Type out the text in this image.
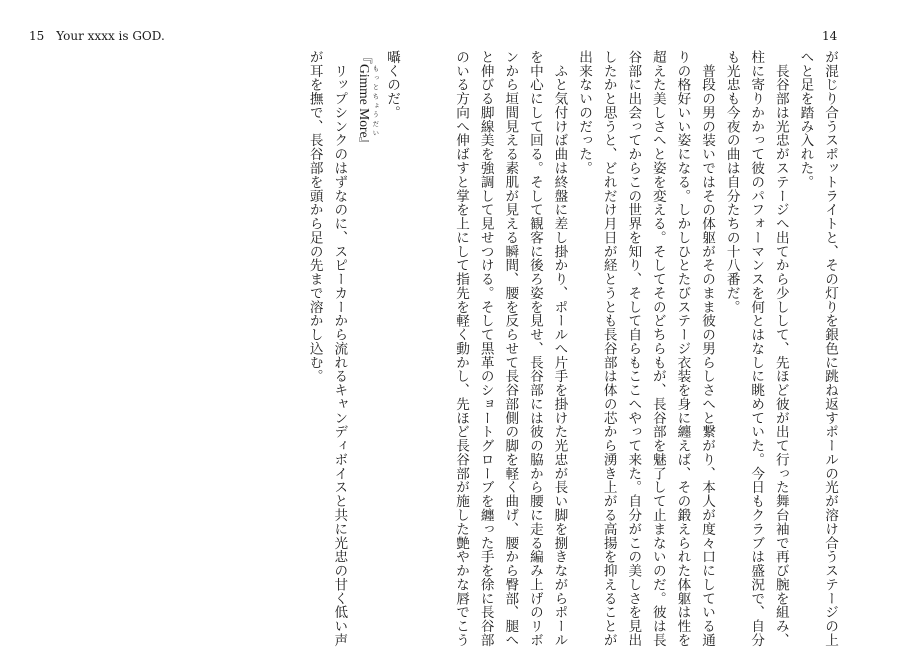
15　Your xxxx is GOD.	14
が混じり合うスポットライトと、その灯りを銀色に跳ね返すポールの光が溶け合うステージの上
へと足を踏み入れた。
　長谷部は光忠がステージへ出てから少しして、先ほど彼が出て行った舞台袖で再び腕を組み、
柱に寄りかかって彼のパフォーマンスを何とはなしに眺めていた。今日もクラブは盛況で、自分
も光忠も今夜の曲は自分たちの十八番だ。
　普段の男の装いではその体躯がそのまま彼の男らしさへと繋がり、本人が度々口にしている通
りの格好いい姿になる。しかしひとたびステージ衣装を身に纏えば、その鍛えられた体躯は性を
超えた美しさへと姿を変える。そしてそのどちらもが、長谷部を魅了して止まないのだ。彼は長
谷部に出会ってからこの世界を知り、そして自らもここへやって来た。自分がこの美しさを見出
したかと思うと、どれだけ月日が経とうとも長谷部は体の芯から湧き上がる高揚を抑えることが
出来ないのだった。
　ふと気付けば曲は終盤に差し掛かり、ポールへ片手を掛けた光忠が長い脚を捌きながらポール
を中心にして回る。そして観客に後ろ姿を見せ、長谷部には彼の脇から腰に走る編み上げのリボ
ンから垣間見える素肌が見える瞬間、腰を反らせて長谷部側の脚を軽く曲げ、腰から臀部、腿へ
と伸びる脚線美を強調して見せつける。そして黒革のショートグローブを纏った手を徐に長谷部
のいる方向へ伸ばすと掌を上にして指先を軽く動かし、先ほど長谷部が施した艶やかな唇でこう
囁くのだ。
『Gimme More もっとちょうだい』
　リップシンクのはずなのに、スピーカーから流れるキャンディボイスと共に光忠の甘く低い声
が耳を撫で、長谷部を頭から足の先まで溶かし込む。
